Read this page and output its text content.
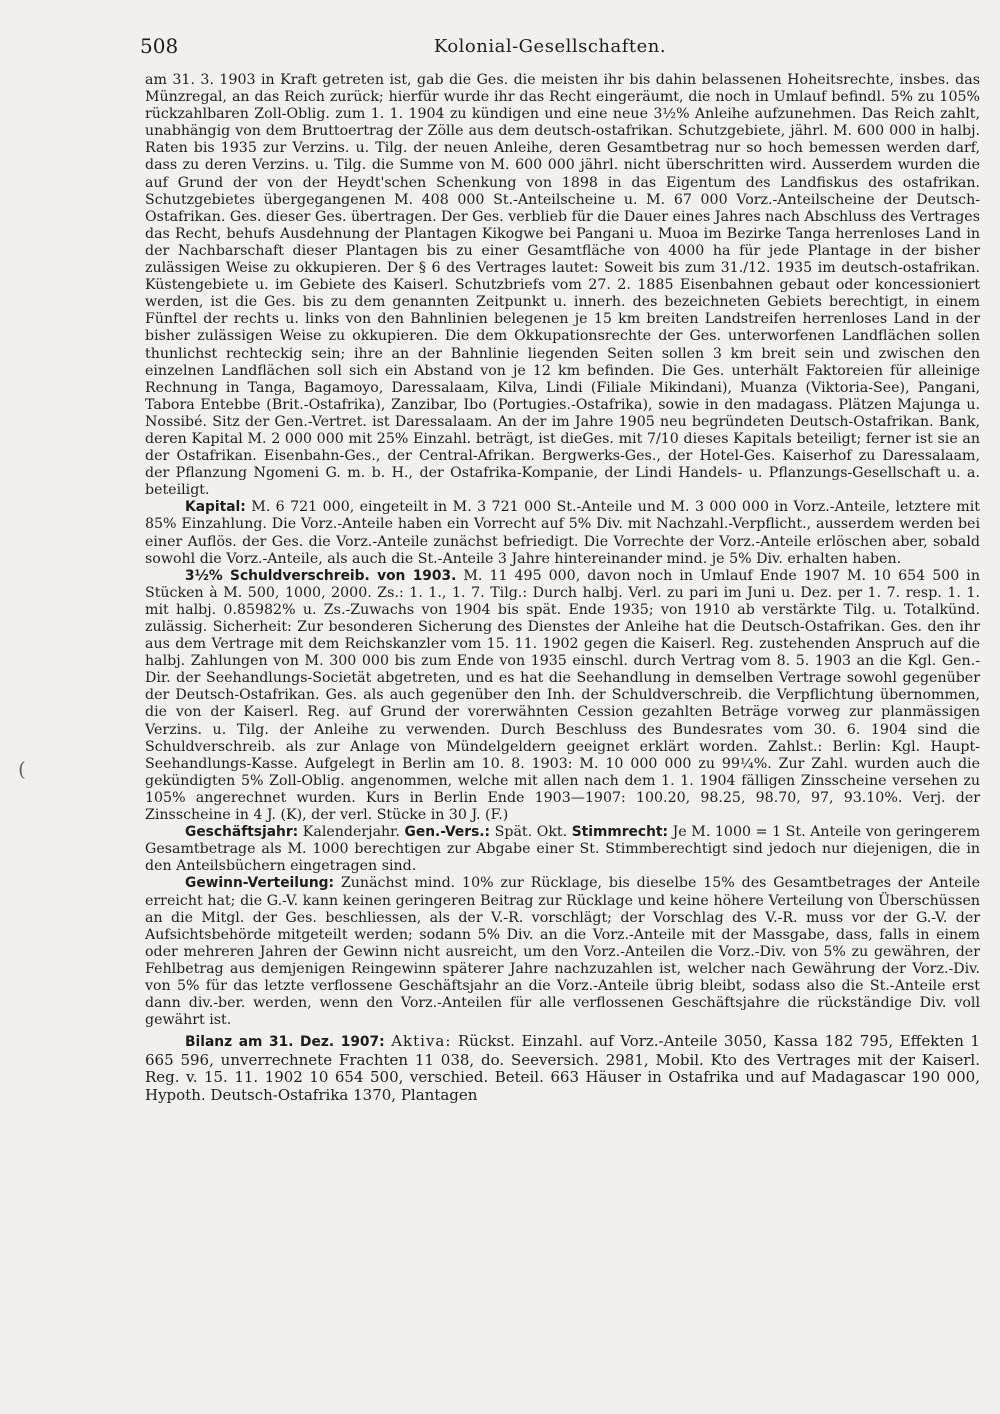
508	Kolonial-Gesellschaften.
(

am 31. 3. 1903 in Kraft getreten ist, gab die Ges. die meisten ihr bis dahin belassenen Hoheitsrechte, insbes. das Münzregal, an das Reich zurück; hierfür wurde ihr das Recht eingeräumt, die noch in Umlauf befindl. 5% zu 105% rückzahlbaren Zoll-Oblig. zum 1. 1. 1904 zu kündigen und eine neue 3½% Anleihe aufzunehmen. Das Reich zahlt, unabhängig von dem Bruttoertrag der Zölle aus dem deutsch-ostafrikan. Schutzgebiete, jährl. M. 600 000 in halbj. Raten bis 1935 zur Verzins. u. Tilg. der neuen Anleihe, deren Gesamtbetrag nur so hoch bemessen werden darf, dass zu deren Verzins. u. Tilg. die Summe von M. 600 000 jährl. nicht überschritten wird. Ausserdem wurden die auf Grund der von der Heydt'schen Schenkung von 1898 in das Eigentum des Landfiskus des ostafrikan. Schutzgebietes übergegangenen M. 408 000 St.-Anteilscheine u. M. 67 000 Vorz.-Anteilscheine der Deutsch-Ostafrikan. Ges. dieser Ges. übertragen. Der Ges. verblieb für die Dauer eines Jahres nach Abschluss des Vertrages das Recht, behufs Ausdehnung der Plantagen Kikogwe bei Pangani u. Muoa im Bezirke Tanga herrenloses Land in der Nachbarschaft dieser Plantagen bis zu einer Gesamtfläche von 4000 ha für jede Plantage in der bisher zulässigen Weise zu okkupieren. Der § 6 des Vertrages lautet: Soweit bis zum 31./12. 1935 im deutsch-ostafrikan. Küstengebiete u. im Gebiete des Kaiserl. Schutzbriefs vom 27. 2. 1885 Eisenbahnen gebaut oder koncessioniert werden, ist die Ges. bis zu dem genannten Zeitpunkt u. innerh. des bezeichneten Gebiets berechtigt, in einem Fünftel der rechts u. links von den Bahnlinien belegenen je 15 km breiten Landstreifen herrenloses Land in der bisher zulässigen Weise zu okkupieren. Die dem Okkupationsrechte der Ges. unterworfenen Landflächen sollen thunlichst rechteckig sein; ihre an der Bahnlinie liegenden Seiten sollen 3 km breit sein und zwischen den einzelnen Landflächen soll sich ein Abstand von je 12 km befinden. Die Ges. unterhält Faktoreien für alleinige Rechnung in Tanga, Bagamoyo, Daressalaam, Kilva, Lindi (Filiale Mikindani), Muanza (Viktoria-See), Pangani, Tabora Entebbe (Brit.-Ostafrika), Zanzibar, Ibo (Portugies.-Ostafrika), sowie in den madagass. Plätzen Majunga u. Nossibé. Sitz der Gen.-Vertret. ist Daressalaam. An der im Jahre 1905 neu begründeten Deutsch-Ostafrikan. Bank, deren Kapital M. 2 000 000 mit 25% Einzahl. beträgt, ist dieGes. mit 7/10 dieses Kapitals beteiligt; ferner ist sie an der Ostafrikan. Eisenbahn-Ges., der Central-Afrikan. Bergwerks-Ges., der Hotel-Ges. Kaiserhof zu Daressalaam, der Pflanzung Ngomeni G. m. b. H., der Ostafrika-Kompanie, der Lindi Handels- u. Pflanzungs-Gesellschaft u. a. beteiligt.

Kapital: M. 6 721 000, eingeteilt in M. 3 721 000 St.-Anteile und M. 3 000 000 in Vorz.-Anteile, letztere mit 85% Einzahlung. Die Vorz.-Anteile haben ein Vorrecht auf 5% Div. mit Nachzahl.-Verpflicht., ausserdem werden bei einer Auflös. der Ges. die Vorz.-Anteile zunächst befriedigt. Die Vorrechte der Vorz.-Anteile erlöschen aber, sobald sowohl die Vorz.-Anteile, als auch die St.-Anteile 3 Jahre hintereinander mind. je 5% Div. erhalten haben.

3½% Schuldverschreib. von 1903. M. 11 495 000, davon noch in Umlauf Ende 1907 M. 10 654 500 in Stücken à M. 500, 1000, 2000. Zs.: 1. 1., 1. 7. Tilg.: Durch halbj. Verl. zu pari im Juni u. Dez. per 1. 7. resp. 1. 1. mit halbj. 0.85982% u. Zs.-Zuwachs von 1904 bis spät. Ende 1935; von 1910 ab verstärkte Tilg. u. Totalkünd. zulässig. Sicherheit: Zur besonderen Sicherung des Dienstes der Anleihe hat die Deutsch-Ostafrikan. Ges. den ihr aus dem Vertrage mit dem Reichskanzler vom 15. 11. 1902 gegen die Kaiserl. Reg. zustehenden Anspruch auf die halbj. Zahlungen von M. 300 000 bis zum Ende von 1935 einschl. durch Vertrag vom 8. 5. 1903 an die Kgl. Gen.-Dir. der Seehandlungs-Societät abgetreten, und es hat die Seehandlung in demselben Vertrage sowohl gegenüber der Deutsch-Ostafrikan. Ges. als auch gegenüber den Inh. der Schuldverschreib. die Verpflichtung übernommen, die von der Kaiserl. Reg. auf Grund der vorerwähnten Cession gezahlten Beträge vorweg zur planmässigen Verzins. u. Tilg. der Anleihe zu verwenden. Durch Beschluss des Bundesrates vom 30. 6. 1904 sind die Schuldverschreib. als zur Anlage von Mündelgeldern geeignet erklärt worden. Zahlst.: Berlin: Kgl. Haupt-Seehandlungs-Kasse. Aufgelegt in Berlin am 10. 8. 1903: M. 10 000 000 zu 99¼%. Zur Zahl. wurden auch die gekündigten 5% Zoll-Oblig. angenommen, welche mit allen nach dem 1. 1. 1904 fälligen Zinsscheine versehen zu 105% angerechnet wurden. Kurs in Berlin Ende 1903—1907: 100.20, 98.25, 98.70, 97, 93.10%. Verj. der Zinsscheine in 4 J. (K), der verl. Stücke in 30 J. (F.)

Geschäftsjahr: Kalenderjahr. Gen.-Vers.: Spät. Okt. Stimmrecht: Je M. 1000 = 1 St. Anteile von geringerem Gesamtbetrage als M. 1000 berechtigen zur Abgabe einer St. Stimmberechtigt sind jedoch nur diejenigen, die in den Anteilsbüchern eingetragen sind.

Gewinn-Verteilung: Zunächst mind. 10% zur Rücklage, bis dieselbe 15% des Gesamtbetrages der Anteile erreicht hat; die G.-V. kann keinen geringeren Beitrag zur Rücklage und keine höhere Verteilung von Überschüssen an die Mitgl. der Ges. beschliessen, als der V.-R. vorschlägt; der Vorschlag des V.-R. muss vor der G.-V. der Aufsichtsbehörde mitgeteilt werden; sodann 5% Div. an die Vorz.-Anteile mit der Massgabe, dass, falls in einem oder mehreren Jahren der Gewinn nicht ausreicht, um den Vorz.-Anteilen die Vorz.-Div. von 5% zu gewähren, der Fehlbetrag aus demjenigen Reingewinn späterer Jahre nachzuzahlen ist, welcher nach Gewährung der Vorz.-Div. von 5% für das letzte verflossene Geschäftsjahr an die Vorz.-Anteile übrig bleibt, sodass also die St.-Anteile erst dann div.-ber. werden, wenn den Vorz.-Anteilen für alle verflossenen Geschäftsjahre die rückständige Div. voll gewährt ist.

Bilanz am 31. Dez. 1907: Aktiva: Rückst. Einzahl. auf Vorz.-Anteile 3050, Kassa 182 795, Effekten 1 665 596, unverrechnete Frachten 11 038, do. Seeversich. 2981, Mobil. Kto des Vertrages mit der Kaiserl. Reg. v. 15. 11. 1902 10 654 500, verschied. Beteil. 663 Häuser in Ostafrika und auf Madagascar 190 000, Hypoth. Deutsch-Ostafrika 1370, Plantagen
